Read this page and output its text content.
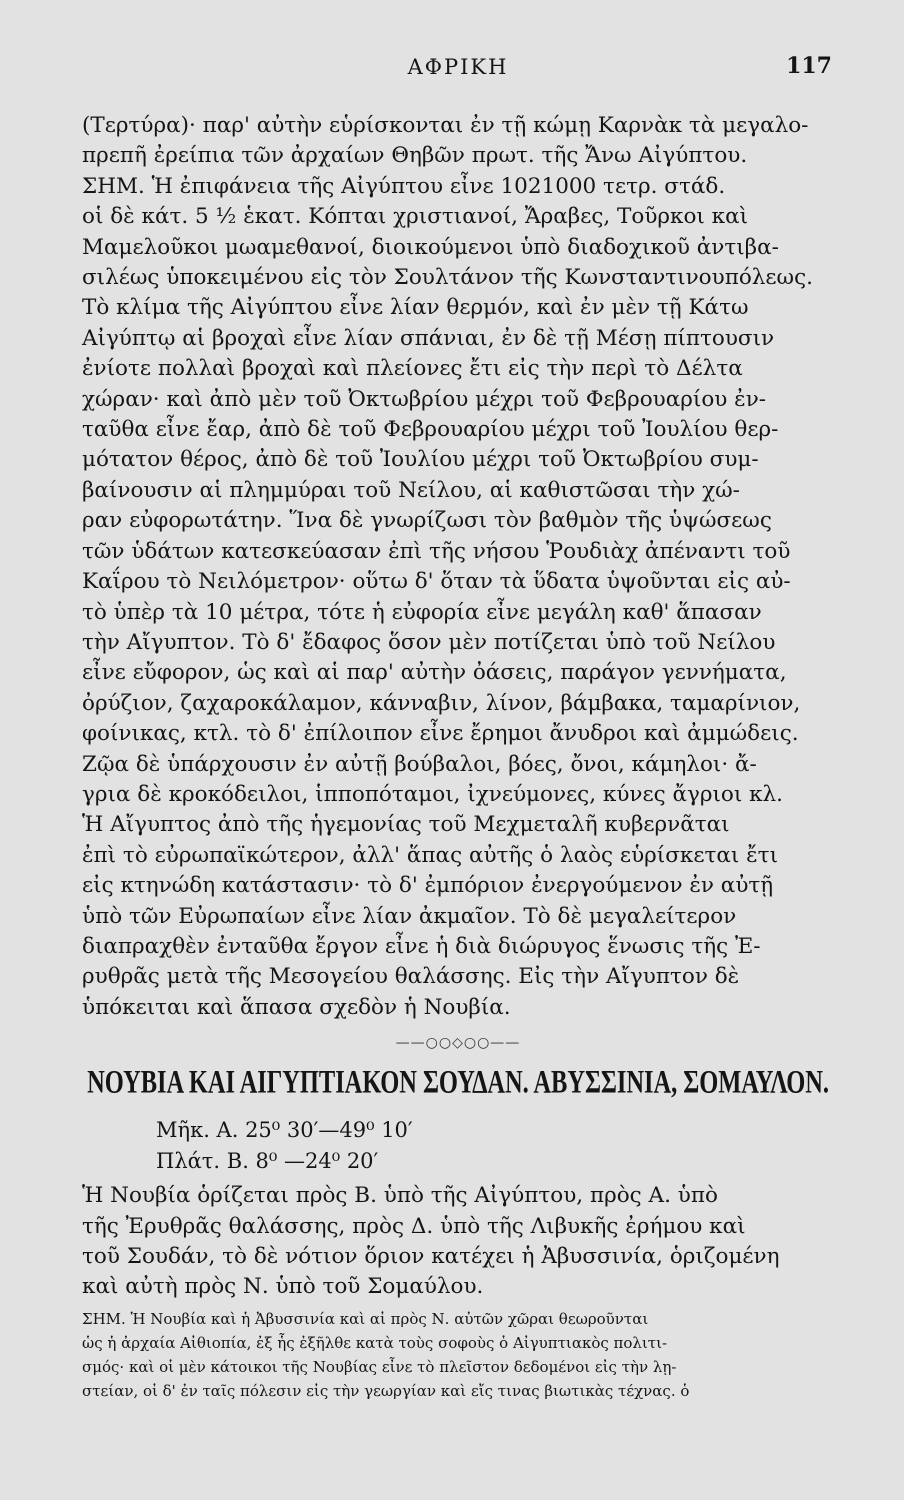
ΑΦΡΙΚΗ	117

(Τερτύρα)· παρ' αὐτὴν εὑρίσκονται ἐν τῇ κώμῃ Καρνὰκ τὰ μεγαλο-
πρεπῆ ἐρείπια τῶν ἀρχαίων Θηβῶν πρωτ. τῆς Ἄνω Αἰγύπτου.
ΣΗΜ. Ἡ ἐπιφάνεια τῆς Αἰγύπτου εἶνε 1021000 τετρ. στάδ.
οἱ δὲ κάτ. 5 ½ ἑκατ. Κόπται χριστιανοί, Ἄραβες, Τοῦρκοι καὶ
Μαμελοῦκοι μωαμεθανοί, διοικούμενοι ὑπὸ διαδοχικοῦ ἀντιβα-
σιλέως ὑποκειμένου εἰς τὸν Σουλτάνον τῆς Κωνσταντινουπόλεως.

Τὸ κλίμα τῆς Αἰγύπτου εἶνε λίαν θερμόν, καὶ ἐν μὲν τῇ Κάτω
Αἰγύπτῳ αἱ βροχαὶ εἶνε λίαν σπάνιαι, ἐν δὲ τῇ Μέσῃ πίπτουσιν
ἐνίοτε πολλαὶ βροχαὶ καὶ πλείονες ἔτι εἰς τὴν περὶ τὸ Δέλτα
χώραν· καὶ ἀπὸ μὲν τοῦ Ὀκτωβρίου μέχρι τοῦ Φεβρουαρίου ἐν-
ταῦθα εἶνε ἔαρ, ἀπὸ δὲ τοῦ Φεβρουαρίου μέχρι τοῦ Ἰουλίου θερ-
μότατον θέρος, ἀπὸ δὲ τοῦ Ἰουλίου μέχρι τοῦ Ὀκτωβρίου συμ-
βαίνουσιν αἱ πλημμύραι τοῦ Νείλου, αἱ καθιστῶσαι τὴν χώ-
ραν εὐφορωτάτην. Ἵνα δὲ γνωρίζωσι τὸν βαθμὸν τῆς ὑψώσεως
τῶν ὑδάτων κατεσκεύασαν ἐπὶ τῆς νήσου Ῥουδιὰχ ἀπέναντι τοῦ
Καΐρου τὸ Νειλόμετρον· οὕτω δ' ὅταν τὰ ὕδατα ὑψοῦνται εἰς αὐ-
τὸ ὑπὲρ τὰ 10 μέτρα, τότε ἡ εὐφορία εἶνε μεγάλη καθ' ἅπασαν
τὴν Αἴγυπτον. Τὸ δ' ἔδαφος ὅσον μὲν ποτίζεται ὑπὸ τοῦ Νείλου
εἶνε εὔφορον, ὡς καὶ αἱ παρ' αὐτὴν ὀάσεις, παράγον γεννήματα,
ὀρύζιον, ζαχαροκάλαμον, κάνναβιν, λίνον, βάμβακα, ταμαρίνιον,
φοίνικας, κτλ. τὸ δ' ἐπίλοιπον εἶνε ἔρημοι ἄνυδροι καὶ ἀμμώδεις.
Ζῷα δὲ ὑπάρχουσιν ἐν αὐτῇ βούβαλοι, βόες, ὄνοι, κάμηλοι· ἄ-
γρια δὲ κροκόδειλοι, ἱπποπόταμοι, ἰχνεύμονες, κύνες ἄγριοι κλ.

Ἡ Αἴγυπτος ἀπὸ τῆς ἡγεμονίας τοῦ Μεχμεταλῆ κυβερνᾶται
ἐπὶ τὸ εὐρωπαϊκώτερον, ἀλλ' ἅπας αὐτῆς ὁ λαὸς εὑρίσκεται ἔτι
εἰς κτηνώδη κατάστασιν· τὸ δ' ἐμπόριον ἐνεργούμενον ἐν αὐτῇ
ὑπὸ τῶν Εὐρωπαίων εἶνε λίαν ἀκμαῖον. Τὸ δὲ μεγαλείτερον
διαπραχθὲν ἐνταῦθα ἔργον εἶνε ἡ διὰ διώρυγος ἕνωσις τῆς Ἐ-
ρυθρᾶς μετὰ τῆς Μεσογείου θαλάσσης. Εἰς τὴν Αἴγυπτον δὲ
ὑπόκειται καὶ ἅπασα σχεδὸν ἡ Νουβία.

——○○◇○○——
ΝΟΥΒΙΑ ΚΑΙ ΑΙΓΥΠΤΙΑΚΟΝ ΣΟΥΔΑΝ. ΑΒΥΣΣΙΝΙΑ, ΣΟΜΑΥΛΟΝ.
Μῆκ. Α. 25⁰ 30′—49⁰ 10′
Πλάτ. Β. 8⁰ —24⁰ 20′

Ἡ Νουβία ὁρίζεται πρὸς Β. ὑπὸ τῆς Αἰγύπτου, πρὸς Α. ὑπὸ
τῆς Ἐρυθρᾶς θαλάσσης, πρὸς Δ. ὑπὸ τῆς Λιβυκῆς ἐρήμου καὶ
τοῦ Σουδάν, τὸ δὲ νότιον ὅριον κατέχει ἡ Ἀβυσσινία, ὁριζομένη
καὶ αὐτὴ πρὸς Ν. ὑπὸ τοῦ Σομαύλου.

ΣΗΜ. Ἡ Νουβία καὶ ἡ Ἀβυσσινία καὶ αἱ πρὸς Ν. αὐτῶν χῶραι θεωροῦνται
ὡς ἡ ἀρχαία Αἰθιοπία, ἐξ ἧς ἐξῆλθε κατὰ τοὺς σοφοὺς ὁ Αἰγυπτιακὸς πολιτι-
σμός· καὶ οἱ μὲν κάτοικοι τῆς Νουβίας εἶνε τὸ πλεῖστον δεδομένοι εἰς τὴν λῃ-
στείαν, οἱ δ' ἐν ταῖς πόλεσιν εἰς τὴν γεωργίαν καὶ εἴς τινας βιωτικὰς τέχνας. ὁ
